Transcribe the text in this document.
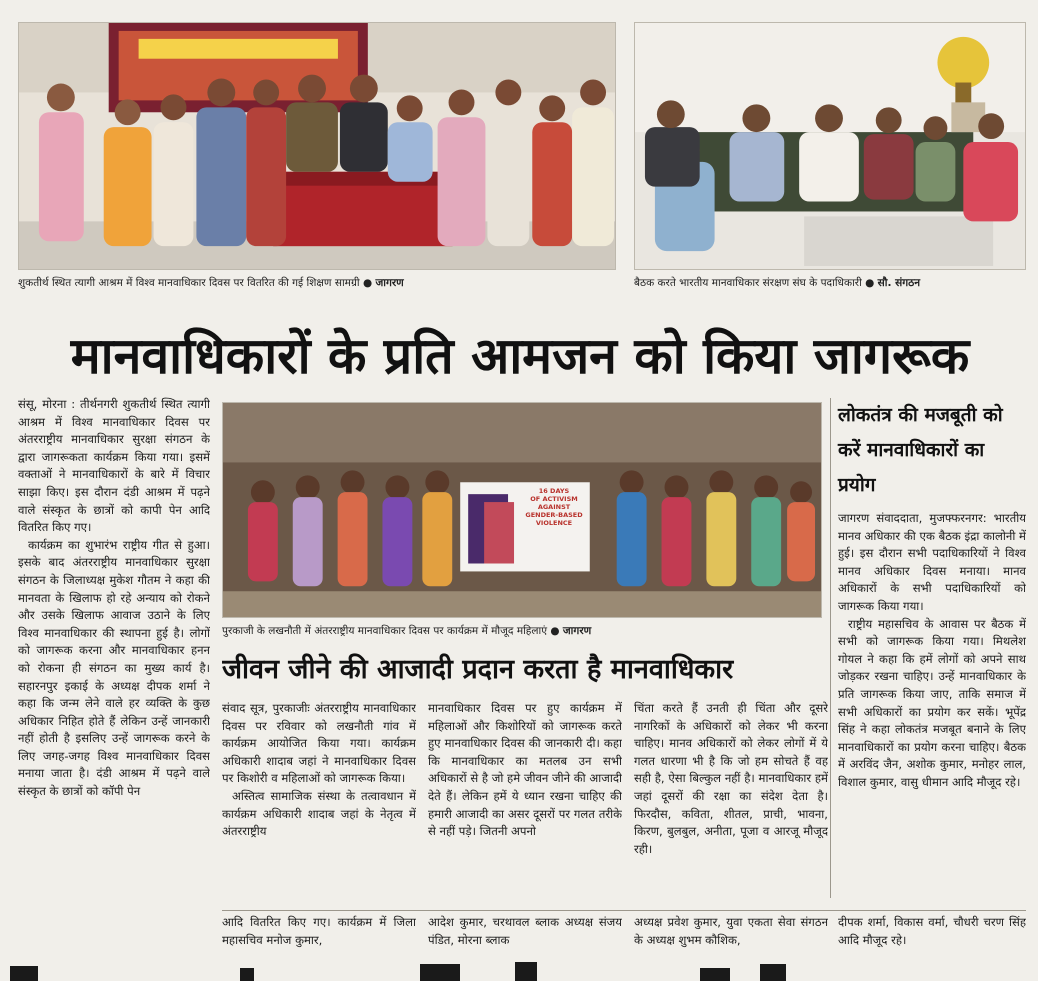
शुकतीर्थ स्थित त्यागी आश्रम में विश्व मानवाधिकार दिवस पर वितरित की गई शिक्षण सामग्री ● जागरण	बैठक करते भारतीय मानवाधिकार संरक्षण संघ के पदाधिकारी ● सौ. संगठन
मानवाधिकारों के प्रति आमजन को किया जागरूक

संसू, मोरना : तीर्थनगरी शुकतीर्थ स्थित त्यागी आश्रम में विश्व मानवाधिकार दिवस पर अंतरराष्ट्रीय मानवाधिकार सुरक्षा संगठन के द्वारा जागरूकता कार्यक्रम किया गया। इसमें वक्ताओं ने मानवाधिकारों के बारे में विचार साझा किए। इस दौरान दंडी आश्रम में पढ़ने वाले संस्कृत के छात्रों को कापी पेन आदि वितरित किए गए।

कार्यक्रम का शुभारंभ राष्ट्रीय गीत से हुआ। इसके बाद अंतरराष्ट्रीय मानवाधिकार सुरक्षा संगठन के जिलाध्यक्ष मुकेश गौतम ने कहा की मानवता के खिलाफ हो रहे अन्याय को रोकने और उसके खिलाफ आवाज उठाने के लिए विश्व मानवाधिकार की स्थापना हुई है। लोगों को जागरूक करना और मानवाधिकार हनन को रोकना ही संगठन का मुख्य कार्य है। सहारनपुर इकाई के अध्यक्ष दीपक शर्मा ने कहा कि जन्म लेने वाले हर व्यक्ति के कुछ अधिकार निहित होते हैं लेकिन उन्हें जानकारी नहीं होती है इसलिए उन्हें जागरूक करने के लिए जगह-जगह विश्व मानवाधिकार दिवस मनाया जाता है। दंडी आश्रम में पढ़ने वाले संस्कृत के छात्रों को कॉपी पेन

16 DAYS
OF ACTIVISM
AGAINST
GENDER-BASED
VIOLENCE
पुरकाजी के लखनौती में अंतरराष्ट्रीय मानवाधिकार दिवस पर कार्यक्रम में मौजूद महिलाएं ● जागरण
जीवन जीने की आजादी प्रदान करता है मानवाधिकार

संवाद सूत्र, पुरकाजीः अंतरराष्ट्रीय मानवाधिकार दिवस पर रविवार को लखनौती गांव में कार्यक्रम आयोजित किया गया। कार्यक्रम अधिकारी शादाब जहां ने मानवाधिकार दिवस पर किशोरी व महिलाओं को जागरूक किया।

अस्तित्व सामाजिक संस्था के तत्वावधान में कार्यक्रम अधिकारी शादाब जहां के नेतृत्व में अंतरराष्ट्रीय

मानवाधिकार दिवस पर हुए कार्यक्रम में महिलाओं और किशोरियों को जागरूक करते हुए मानवाधिकार दिवस की जानकारी दी। कहा कि मानवाधिकार का मतलब उन सभी अधिकारों से है जो हमे जीवन जीने की आजादी देते हैं। लेकिन हमें ये ध्यान रखना चाहिए की हमारी आजादी का असर दूसरों पर गलत तरीके से नहीं पड़े। जितनी अपनो

चिंता करते हैं उनती ही चिंता और दूसरे नागरिकों के अधिकारों को लेकर भी करना चाहिए। मानव अधिकारों को लेकर लोगों में ये गलत धारणा भी है कि जो हम सोचते हैं वह सही है, ऐसा बिल्कुल नहीं है। मानवाधिकार हमें जहां दूसरों की रक्षा का संदेश देता है। फिरदौस, कविता, शीतल, प्राची, भावना, किरण, बुलबुल, अनीता, पूजा व आरजू मौजूद रही।

लोकतंत्र की मजबूती को करें मानवाधिकारों का प्रयोग

जागरण संवाददाता, मुजफ्फरनगर: भारतीय मानव अधिकार की एक बैठक इंद्रा कालोनी में हुई। इस दौरान सभी पदाधिकारियों ने विश्व मानव अधिकार दिवस मनाया। मानव अधिकारों के सभी पदाधिकारियों को जागरूक किया गया।

राष्ट्रीय महासचिव के आवास पर बैठक में सभी को जागरूक किया गया। मिथलेश गोयल ने कहा कि हमें लोगों को अपने साथ जोड़कर रखना चाहिए। उन्हें मानवाधिकार के प्रति जागरूक किया जाए, ताकि समाज में सभी अधिकारों का प्रयोग कर सकें। भूपेंद्र सिंह ने कहा लोकतंत्र मजबूत बनाने के लिए मानवाधिकारों का प्रयोग करना चाहिए। बैठक में अरविंद जैन, अशोक कुमार, मनोहर लाल, विशाल कुमार, वासु धीमान आदि मौजूद रहे।

आदि वितरित किए गए। कार्यक्रम में जिला महासचिव मनोज कुमार,
आदेश कुमार, चरथावल ब्लाक अध्यक्ष संजय पंडित, मोरना ब्लाक
अध्यक्ष प्रवेश कुमार, युवा एकता सेवा संगठन के अध्यक्ष शुभम कौशिक,
दीपक शर्मा, विकास वर्मा, चौधरी चरण सिंह आदि मौजूद रहे।
